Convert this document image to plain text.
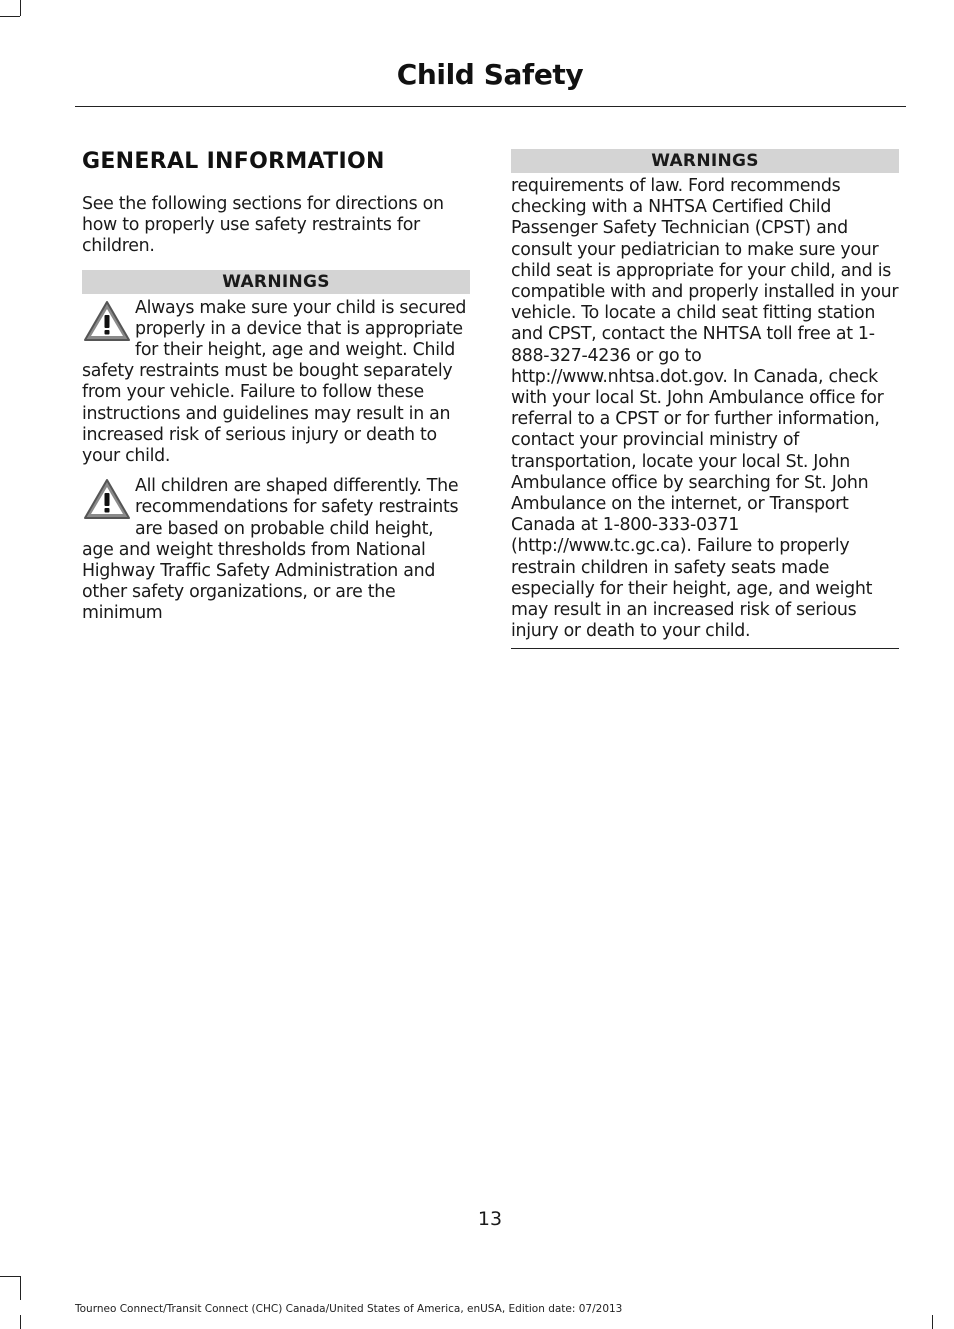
Child Safety
GENERAL INFORMATION

See the following sections for directions on how to properly use safety restraints for children.

WARNINGS

Always make sure your child is secured properly in a device that is appropriate for their height, age and weight. Child safety restraints must be bought separately from your vehicle. Failure to follow these instructions and guidelines may result in an increased risk of serious injury or death to your child.

All children are shaped differently. The recommendations for safety restraints are based on probable child height, age and weight thresholds from National Highway Traffic Safety Administration and other safety organizations, or are the minimum

WARNINGS

requirements of law. Ford recommends checking with a NHTSA Certified Child Passenger Safety Technician (CPST) and consult your pediatrician to make sure your child seat is appropriate for your child, and is compatible with and properly installed in your vehicle. To locate a child seat fitting station and CPST, contact the NHTSA toll free at 1-888-327-4236 or go to http://www.nhtsa.dot.gov. In Canada, check with your local St. John Ambulance office for referral to a CPST or for further information, contact your provincial ministry of transportation, locate your local St. John Ambulance office by searching for St. John Ambulance on the internet, or Transport Canada at 1-800-333-0371 (http://www.tc.gc.ca). Failure to properly restrain children in safety seats made especially for their height, age, and weight may result in an increased risk of serious injury or death to your child.

13
Tourneo Connect/Transit Connect (CHC) Canada/United States of America, enUSA, Edition date: 07/2013
